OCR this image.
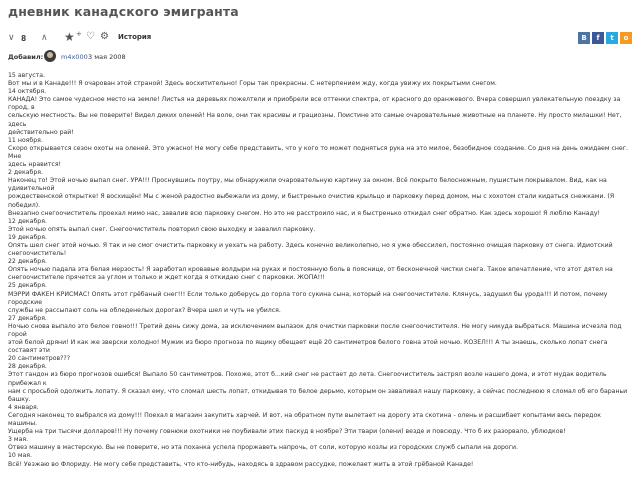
дневник канадского эмигранта
∨ 8 ∧ ★ + ♡ ⚙ История	В	f	t	о
Добавил:	m4x000 3 мая 2008

15 августа.

Вот мы и в Канаде!!! Я очарован этой страной! Здесь восхитительно! Горы так прекрасны. С нетерпением жду, когда увижу их покрытыми снегом.

14 октября.

КАНАДА! Это самое чудесное место на земле! Листья на деревьях пожелтели и приобрели все оттенки спектра, от красного до оранжевого. Вчера совершил увлекательную поездку за город, в

сельскую местность. Вы не поверите! Видел диких оленей! На воле, они так красивы и грациозны. Поистине это самые очаровательные животные на планете. Ну просто милашки! Нет, здесь

действительно рай!

11 ноября.

Скоро открывается сезон охоты на оленей. Это ужасно! Не могу себе представить, что у кого то может подняться рука на это милое, безобидное создание. Со дня на день ожидаем снег. Мне

здесь нравится!

2 декабря.

Наконец то! Этой ночью выпал снег. УРА!!! Проснувшись поутру, мы обнаружили очаровательную картину за окном. Всё покрыто белоснежным, пушистым покрывалом. Вид, как на удивительной

рождественской открытке! Я восхищён! Мы с женой радостно выбежали из дому, и быстренько очистив крыльцо и парковку перед домом, мы с хохотом стали кидаться снежками. (Я победил).

Внезапно снегоочиститель проехал мимо нас, завалив всю парковку снегом. Но это не расстроило нас, и я быстренько откидал снег обратно. Как здесь хорошо! Я люблю Канаду!

12 декабря.

Этой ночью опять выпал снег. Снегоочиститель повторил свою выходку и завалил парковку.

19 декабря.

Опять шел снег этой ночью. Я так и не смог очистить парковку и уехать на работу. Здесь конечно великолепно, но я уже обессилел, постоянно очищая парковку от снега. Идиотский

снегоочиститель!

22 декабря.

Опять ночью падала эта белая мерзость! Я заработал кровавые волдыри на руках и постоянную боль в пояснице, от бесконечной чистки снега. Такое впечатление, что этот дятел на

снегоочистителе прячется за углом и только и ждет когда я откидаю снег с парковки. ЖОПА!!!

25 декабря.

МЭРРИ ФАКЕН КРИСМАС! Опять этот грёбаный снег!!! Если только доберусь до горла того сукина сына, который на снегоочистителе. Клянусь, задушил бы урода!!! И потом, почему городские

службы не рассыпают соль на обледенелых дорогах? Вчера шел и чуть не убился.

27 декабря.

Ночью снова выпало это белое говно!!! Третий день сижу дома, за исключением вылазок для очистки парковки после снегоочистителя. Не могу никуда выбраться. Машина исчезла под горой

этой белой дряни! И как же зверски холодно! Мужик из бюро прогноза по ящику обещает ещё 20 сантиметров белого говна этой ночью. КОЗЕЛ!!! А ты знаешь, сколько лопат снега составят эти

20 сантиметров???

28 декабря.

Этот гандон из бюро прогнозов ошибся! Выпало 50 сантиметров. Похоже, этот б...кий снег не растает до лета. Снегоочиститель застрял возле нашего дома, и этот мудак водитель прибежал к

нам с просьбой одолжить лопату. Я сказал ему, что сломал шесть лопат, откидывая то белое дерьмо, которым он заваливал нашу парковку, а сейчас последнюю я сломал об его бараньи башку.

4 января.

Сегодня наконец то выбрался из дому!!! Поехал в магазин закупить харчей. И вот, на обратном пути вылетает на дорогу эта скотина - олень и расшибает копытами весь передок машины.

Ущерба на три тысячи долларов!!! Ну почему говнюки охотники не поубивали этих паскуд в ноябре? Эти твари (олени) везде и повсюду. Что б их разорвало, ублюдков!

3 мая.

Отвез машину в мастерскую. Вы не поверите, но эта поханка успела проржаветь напрочь, от соли, которую козлы из городских служб сыпали на дороги.

10 мая.

Всё! Уезжаю во Флориду. Не могу себе представить, что кто-нибудь, находясь в здравом рассудке, пожелает жить в этой грёбаной Канаде!
